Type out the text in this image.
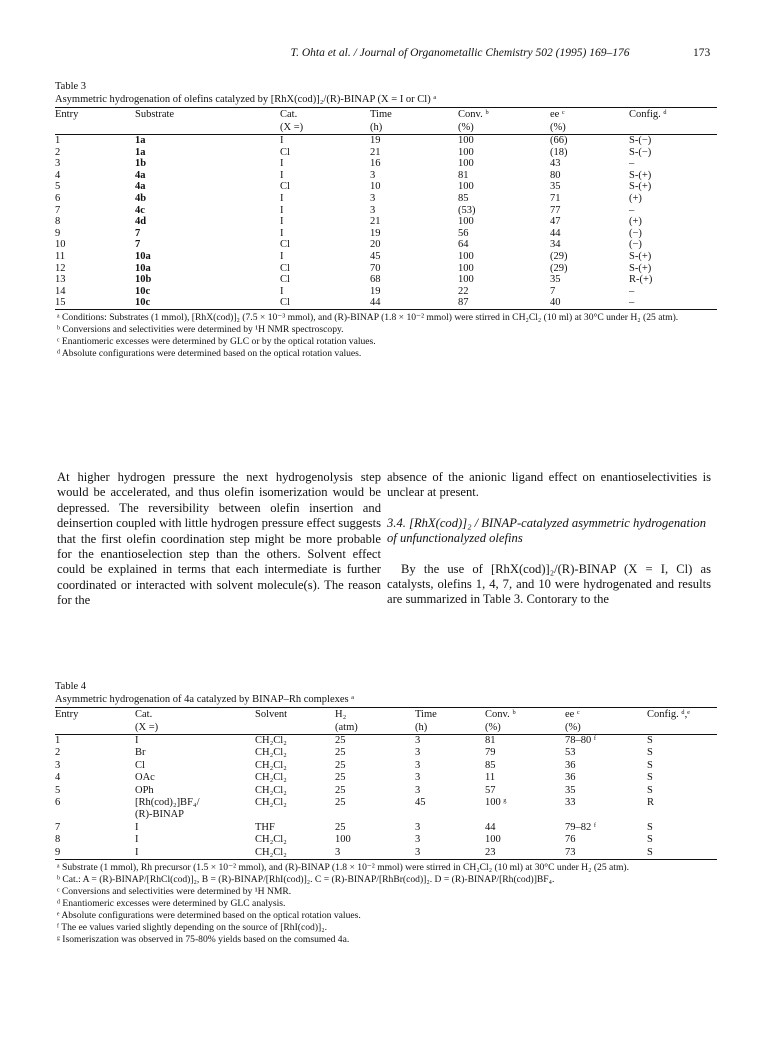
T. Ohta et al. / Journal of Organometallic Chemistry 502 (1995) 169–176	173
Table 3
Asymmetric hydrogenation of olefins catalyzed by [RhX(cod)]₂/(R)-BINAP (X = I or Cl) ᵃ
Entry	Substrate	Cat.	Time	Conv. ᵇ	ee ᶜ	Config. ᵈ
		(X =)	(h)	(%)	(%)	
1	1a	I	19	100	(66)	S-(−)
2	1a	Cl	21	100	(18)	S-(−)
3	1b	I	16	100	43	–
4	4a	I	3	81	80	S-(+)
5	4a	Cl	10	100	35	S-(+)
6	4b	I	3	85	71	(+)
7	4c	I	3	(53)	77	–
8	4d	I	21	100	47	(+)
9	7	I	19	56	44	(−)
10	7	Cl	20	64	34	(−)
11	10a	I	45	100	(29)	S-(+)
12	10a	Cl	70	100	(29)	S-(+)
13	10b	Cl	68	100	35	R-(+)
14	10c	I	19	22	7	–
15	10c	Cl	44	87	40	–
ᵃ Conditions: Substrates (1 mmol), [RhX(cod)]₂ (7.5 × 10⁻³ mmol), and (R)-BINAP (1.8 × 10⁻² mmol) were stirred in CH₂Cl₂ (10 ml) at 30°C under H₂ (25 atm).
ᵇ Conversions and selectivities were determined by ¹H NMR spectroscopy.
ᶜ Enantiomeric excesses were determined by GLC or by the optical rotation values.
ᵈ Absolute configurations were determined based on the optical rotation values.
At higher hydrogen pressure the next hydrogenolysis step would be accelerated, and thus olefin isomerization would be depressed. The reversibility between olefin insertion and deinsertion coupled with little hydrogen pressure effect suggests that the first olefin coordination step might be more probable for the enantioselection step than the others. Solvent effect could be explained in terms that each intermediate is further coordinated or interacted with solvent molecule(s). The reason for the
absence of the anionic ligand effect on enantioselectivities is unclear at present.
3.4. [RhX(cod)]₂ / BINAP-catalyzed asymmetric hydrogenation of unfunctionalyzed olefins
By the use of [RhX(cod)]₂/(R)-BINAP (X = I, Cl) as catalysts, olefins 1, 4, 7, and 10 were hydrogenated and results are summarized in Table 3. Contorary to the
Table 4
Asymmetric hydrogenation of 4a catalyzed by BINAP–Rh complexes ᵃ
Entry	Cat.	Solvent	H₂	Time	Conv. ᵇ	ee ᶜ	Config. ᵈ,ᵉ
	(X =)		(atm)	(h)	(%)	(%)	
1	I	CH₂Cl₂	25	3	81	78–80 ᶠ	S
2	Br	CH₂Cl₂	25	3	79	53	S
3	Cl	CH₂Cl₂	25	3	85	36	S
4	OAc	CH₂Cl₂	25	3	11	36	S
5	OPh	CH₂Cl₂	25	3	57	35	S
6	[Rh(cod)₂]BF₄/	CH₂Cl₂	25	45	100 ᵍ	33	R
	(R)-BINAP						
7	I	THF	25	3	44	79–82 ᶠ	S
8	I	CH₂Cl₂	100	3	100	76	S
9	I	CH₂Cl₂	3	3	23	73	S
ᵃ Substrate (1 mmol), Rh precursor (1.5 × 10⁻² mmol), and (R)-BINAP (1.8 × 10⁻² mmol) were stirred in CH₂Cl₂ (10 ml) at 30°C under H₂ (25 atm).
ᵇ Cat.: A = (R)-BINAP/[RhCl(cod)]₂, B = (R)-BINAP/[RhI(cod)]₂. C = (R)-BINAP/[RhBr(cod)]₂. D = (R)-BINAP/[Rh(cod)]BF₄.
ᶜ Conversions and selectivities were determined by ¹H NMR.
ᵈ Enantiomeric excesses were determined by GLC analysis.
ᵉ Absolute configurations were determined based on the optical rotation values.
ᶠ The ee values varied slightly depending on the source of [RhI(cod)]₂.
ᵍ Isomeriszation was observed in 75-80% yields based on the comsumed 4a.
